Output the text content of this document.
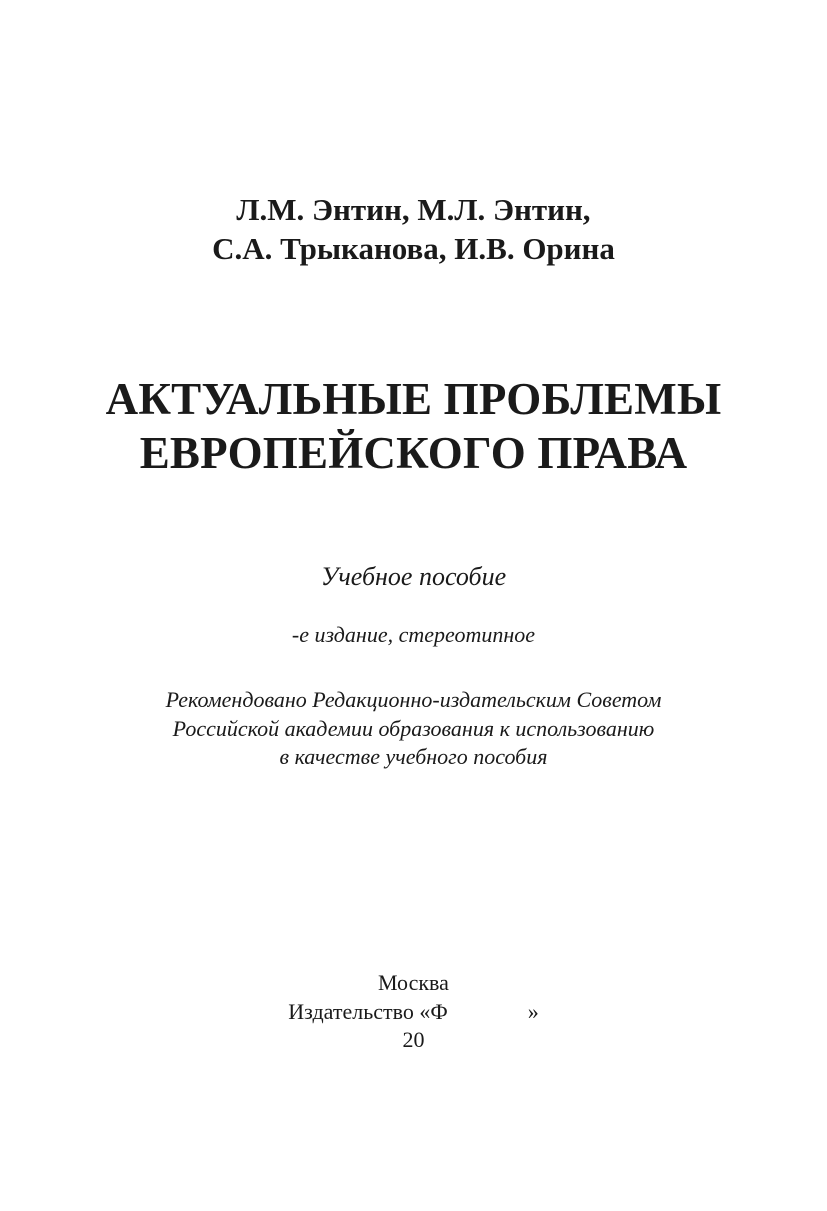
Л.М. Энтин, М.Л. Энтин,
С.А. Трыканова, И.В. Орина
АКТУАЛЬНЫЕ ПРОБЛЕМЫ
ЕВРОПЕЙСКОГО ПРАВА
Учебное пособие
-е издание, стереотипное
Рекомендовано Редакционно-издательским Советом
Российской академии образования к использованию
в качестве учебного пособия
Москва
Издательство «Ф	»
20
